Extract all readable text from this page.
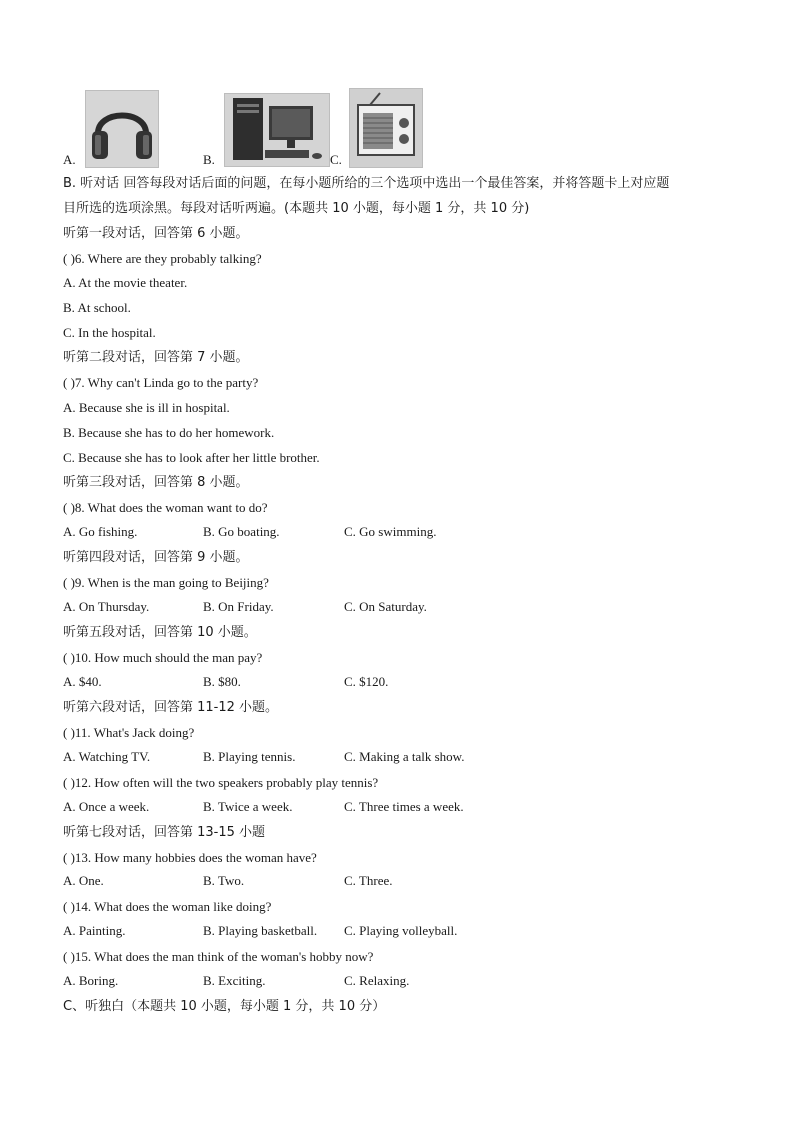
A.	B.	C.
B. 听对话 回答每段对话后面的问题，在每小题所给的三个选项中选出一个最佳答案，并将答题卡上对应题
目所选的选项涂黑。每段对话听两遍。(本题共 10 小题，每小题 1 分，共 10 分)
听第一段对话，回答第 6 小题。
( )6. Where are they probably talking?
A. At the movie theater.
B. At school.
C. In the hospital.
听第二段对话，回答第 7 小题。
( )7. Why can't Linda go to the party?
A. Because she is ill in hospital.
B. Because she has to do her homework.
C. Because she has to look after her little brother.
听第三段对话，回答第 8 小题。
( )8. What does the woman want to do?
A. Go fishing.	B. Go boating.	C. Go swimming.
听第四段对话，回答第 9 小题。
( )9. When is the man going to Beijing?
A. On Thursday.	B. On Friday.	C. On Saturday.
听第五段对话，回答第 10 小题。
( )10. How much should the man pay?
A. $40.	B. $80.	C. $120.
听第六段对话，回答第 11-12 小题。
( )11. What's Jack doing?
A. Watching TV.	B. Playing tennis.	C. Making a talk show.
( )12. How often will the two speakers probably play tennis?
A. Once a week.	B. Twice a week.	C. Three times a week.
听第七段对话，回答第 13-15 小题
( )13. How many hobbies does the woman have?
A. One.	B. Two.	C. Three.
( )14. What does the woman like doing?
A. Painting.	B. Playing basketball. C. Playing volleyball.
( )15. What does the man think of the woman's hobby now?
A. Boring.	B. Exciting.	C. Relaxing.
C、听独白（本题共 10 小题，每小题 1 分，共 10 分）
